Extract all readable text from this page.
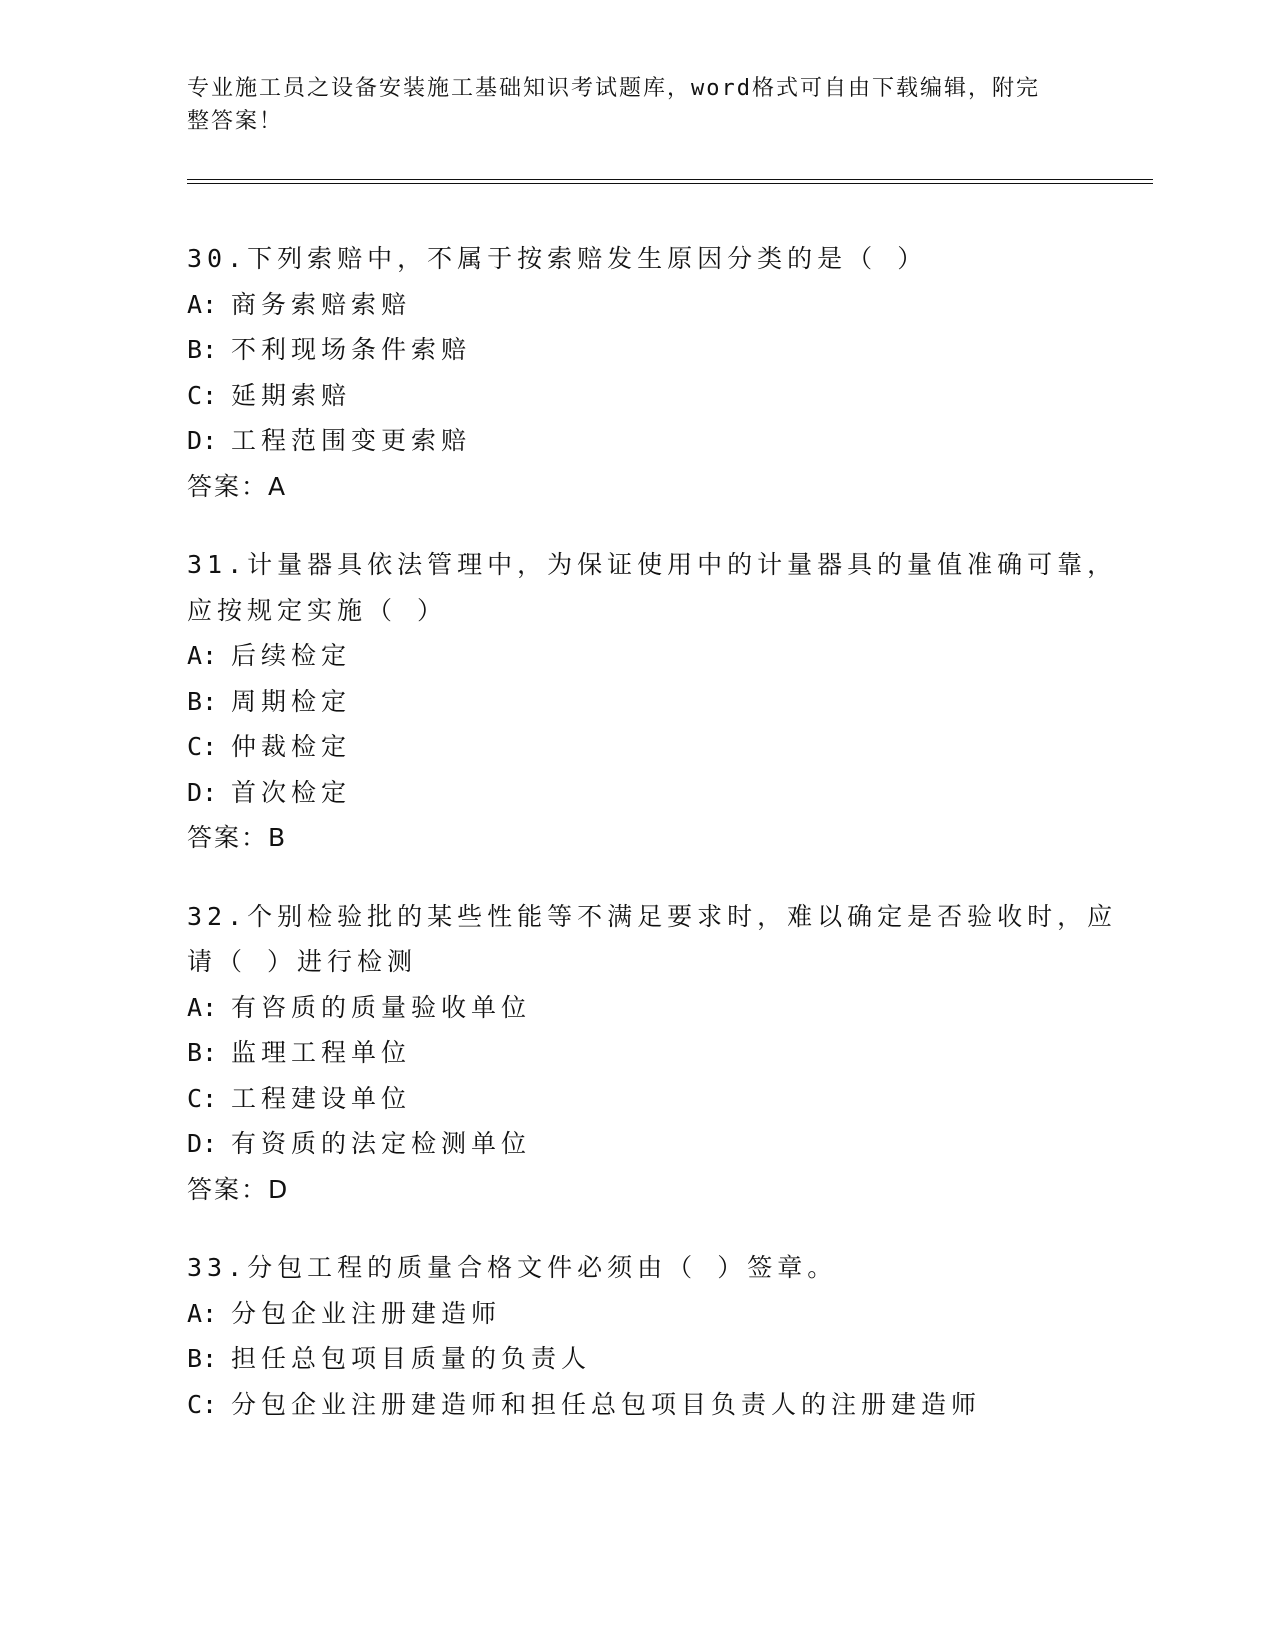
专业施工员之设备安装施工基础知识考试题库，word格式可自由下载编辑，附完
整答案！
30.下列索赔中，不属于按索赔发生原因分类的是（ ）
A: 商务索赔索赔
B: 不利现场条件索赔
C: 延期索赔
D: 工程范围变更索赔
答案：A
31.计量器具依法管理中，为保证使用中的计量器具的量值准确可靠，
应按规定实施（ ）
A: 后续检定
B: 周期检定
C: 仲裁检定
D: 首次检定
答案：B
32.个别检验批的某些性能等不满足要求时，难以确定是否验收时，应
请（ ）进行检测
A: 有咨质的质量验收单位
B: 监理工程单位
C: 工程建设单位
D: 有资质的法定检测单位
答案：D
33.分包工程的质量合格文件必须由（ ）签章。
A: 分包企业注册建造师
B: 担任总包项目质量的负责人
C: 分包企业注册建造师和担任总包项目负责人的注册建造师
